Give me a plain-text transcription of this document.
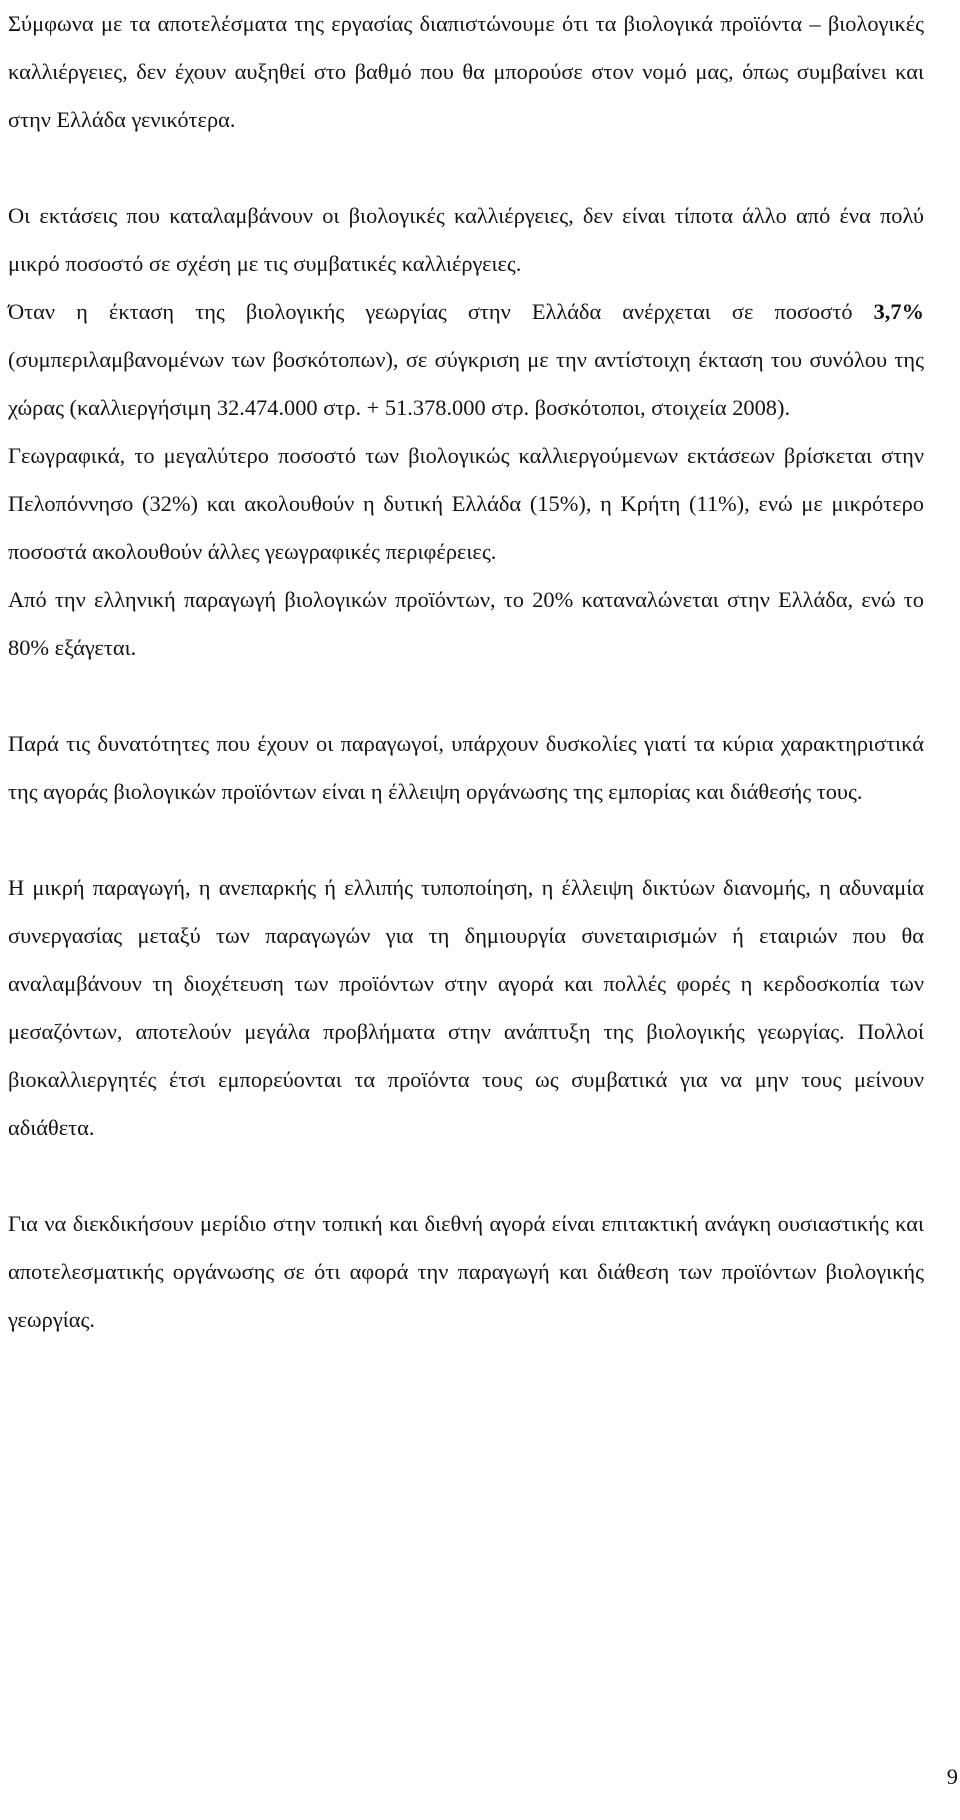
Σύμφωνα με τα αποτελέσματα της εργασίας διαπιστώνουμε ότι τα βιολογικά προϊόντα – βιολογικές καλλιέργειες, δεν έχουν αυξηθεί στο βαθμό που θα μπορούσε στον νομό μας, όπως συμβαίνει και στην Ελλάδα γενικότερα.

Οι εκτάσεις που καταλαμβάνουν οι βιολογικές καλλιέργειες, δεν είναι τίποτα άλλο από ένα πολύ μικρό ποσοστό σε σχέση με τις συμβατικές καλλιέργειες.

Όταν η έκταση της βιολογικής γεωργίας στην Ελλάδα ανέρχεται σε ποσοστό 3,7% (συμπεριλαμβανομένων των βοσκότοπων), σε σύγκριση με την αντίστοιχη έκταση του συνόλου της χώρας (καλλιεργήσιμη 32.474.000 στρ. + 51.378.000 στρ. βοσκότοποι, στοιχεία 2008).

Γεωγραφικά, το μεγαλύτερο ποσοστό των βιολογικώς καλλιεργούμενων εκτάσεων βρίσκεται στην Πελοπόννησο (32%) και ακολουθούν η δυτική Ελλάδα (15%), η Κρήτη (11%), ενώ με μικρότερο ποσοστά ακολουθούν άλλες γεωγραφικές περιφέρειες.

Από την ελληνική παραγωγή βιολογικών προϊόντων, το 20% καταναλώνεται στην Ελλάδα, ενώ το 80% εξάγεται.

Παρά τις δυνατότητες που έχουν οι παραγωγοί, υπάρχουν δυσκολίες γιατί τα κύρια χαρακτηριστικά της αγοράς βιολογικών προϊόντων είναι η έλλειψη οργάνωσης της εμπορίας και διάθεσής τους.

Η μικρή παραγωγή, η ανεπαρκής ή ελλιπής τυποποίηση, η έλλειψη δικτύων διανομής, η αδυναμία συνεργασίας μεταξύ των παραγωγών για τη δημιουργία συνεταιρισμών ή εταιριών που θα αναλαμβάνουν τη διοχέτευση των προϊόντων στην αγορά και πολλές φορές η κερδοσκοπία των μεσαζόντων, αποτελούν μεγάλα προβλήματα στην ανάπτυξη της βιολογικής γεωργίας. Πολλοί βιοκαλλιεργητές έτσι εμπορεύονται τα προϊόντα τους ως συμβατικά για να μην τους μείνουν αδιάθετα.

Για να διεκδικήσουν μερίδιο στην τοπική και διεθνή αγορά είναι επιτακτική ανάγκη ουσιαστικής και αποτελεσματικής οργάνωσης σε ότι αφορά την παραγωγή και διάθεση των προϊόντων βιολογικής γεωργίας.

9
